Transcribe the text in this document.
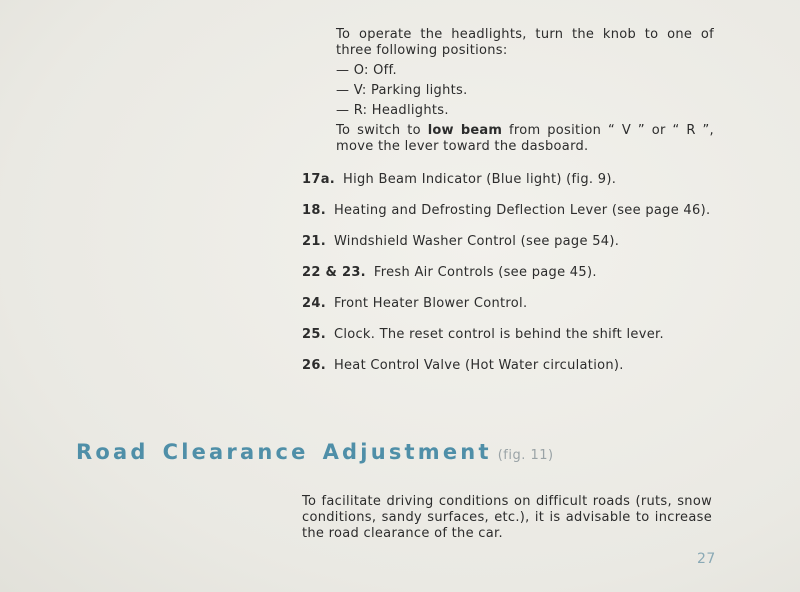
To operate the headlights, turn the knob to one of three following positions:

— O: Off.

— V: Parking lights.

— R: Headlights.

To switch to low beam from position “ V ” or “ R ”, move the lever toward the dasboard.

17a. High Beam Indicator (Blue light) (fig. 9).
18. Heating and Defrosting Deflection Lever (see page 46).
21. Windshield Washer Control (see page 54).
22 & 23. Fresh Air Controls (see page 45).
24. Front Heater Blower Control.
25. Clock. The reset control is behind the shift lever.
26. Heat Control Valve (Hot Water circulation).
Road Clearance Adjustment (fig. 11)

To facilitate driving conditions on difficult roads (ruts, snow conditions, sandy surfaces, etc.), it is advisable to increase the road clearance of the car.

27
